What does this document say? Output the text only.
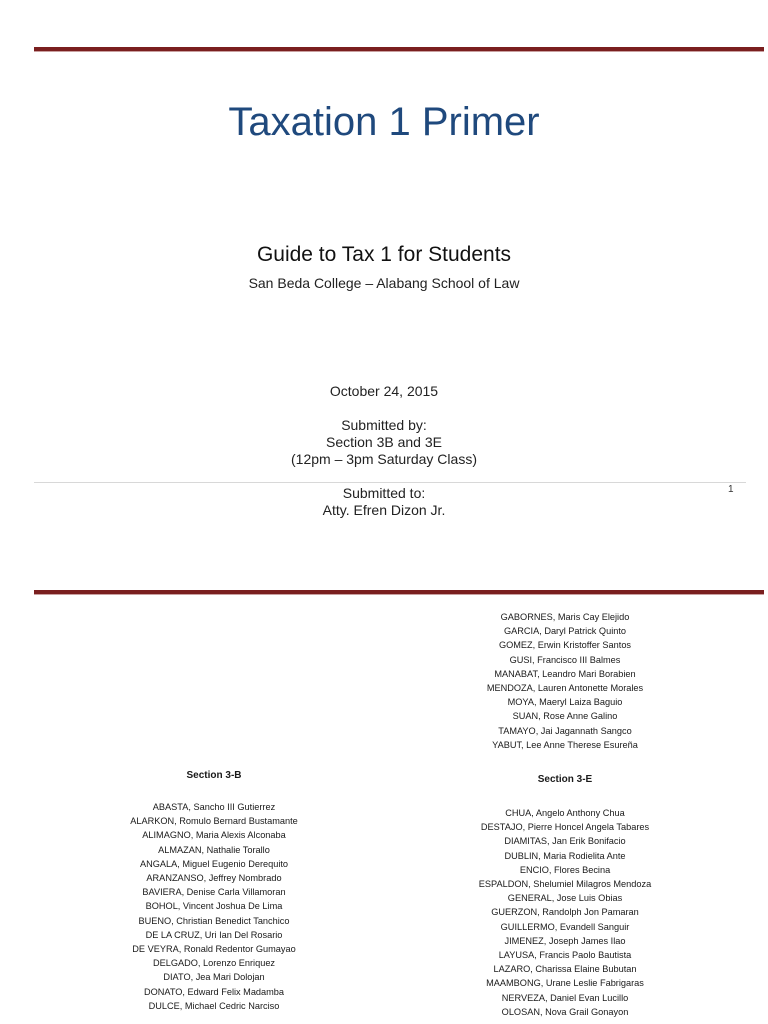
Taxation 1 Primer
Guide to Tax 1 for Students
San Beda College – Alabang School of Law
October 24, 2015
Submitted by:
Section 3B and 3E
(12pm – 3pm Saturday Class)
1
Submitted to:
Atty. Efren Dizon Jr.
GABORNES, Maris Cay Elejido
GARCIA, Daryl Patrick Quinto
GOMEZ, Erwin Kristoffer Santos
GUSI, Francisco III Balmes
MANABAT, Leandro Mari Borabien
MENDOZA, Lauren Antonette Morales
MOYA, Maeryl Laiza Baguio
SUAN, Rose Anne Galino
TAMAYO, Jai Jagannath Sangco
YABUT, Lee Anne Therese Esureña
Section 3-B	Section 3-E
ABASTA, Sancho III Gutierrez
ALARKON, Romulo Bernard Bustamante
ALIMAGNO, Maria Alexis Alconaba
ALMAZAN, Nathalie Torallo
ANGALA, Miguel Eugenio Derequito
ARANZANSO, Jeffrey Nombrado
BAVIERA, Denise Carla Villamoran
BOHOL, Vincent Joshua De Lima
BUENO, Christian Benedict Tanchico
DE LA CRUZ, Uri Ian Del Rosario
DE VEYRA, Ronald Redentor Gumayao
DELGADO, Lorenzo Enriquez
DIATO, Jea Mari Dolojan
DONATO, Edward Felix Madamba
DULCE, Michael Cedric Narciso
CHUA, Angelo Anthony Chua
DESTAJO, Pierre Honcel Angela Tabares
DIAMITAS, Jan Erik Bonifacio
DUBLIN, Maria Rodielita Ante
ENCIO, Flores Becina
ESPALDON, Shelumiel Milagros Mendoza
GENERAL, Jose Luis Obias
GUERZON, Randolph Jon Pamaran
GUILLERMO, Evandell Sanguir
JIMENEZ, Joseph James Ilao
LAYUSA, Francis Paolo Bautista
LAZARO, Charissa Elaine Bubutan
MAAMBONG, Urane Leslie Fabrigaras
NERVEZA, Daniel Evan Lucillo
OLOSAN, Nova Grail Gonayon
